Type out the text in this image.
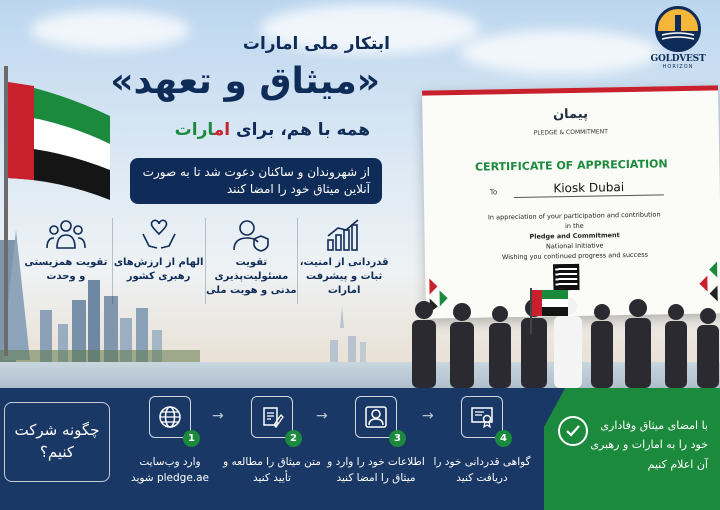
GOLDVEST
HORIZON
ابتکار ملی امارات
«میثاق و تعهد»
همه با هم، برای امارات
از شهروندان و ساکنان دعوت شد تا به صورت آنلاین میثاق خود را امضا کنند
قدردانی از امنیت، ثبات و پیشرفت امارات
تقویت مسئولیت‌پذیری مدنی و هویت ملی
الهام از ارزش‌های رهبری کشور
تقویت همزیستی و وحدت
پیمان
PLEDGE & COMMITMENT
CERTIFICATE OF APPRECIATION
To	Kiosk Dubai
In appreciation of your participation and contribution
in the
Pledge and Commitment
National Initiative
Wishing you continued progress and success
چگونه شرکت کنیم؟
1
وارد وب‌سایت pledge.ae شوید
→
2
متن میثاق را مطالعه و تأیید کنید
→
3
اطلاعات خود را وارد و میثاق را امضا کنید
→
4
گواهی قدردانی خود را دریافت کنید
با امضای میثاق وفاداری خود را به امارات و رهبری آن اعلام کنیم
